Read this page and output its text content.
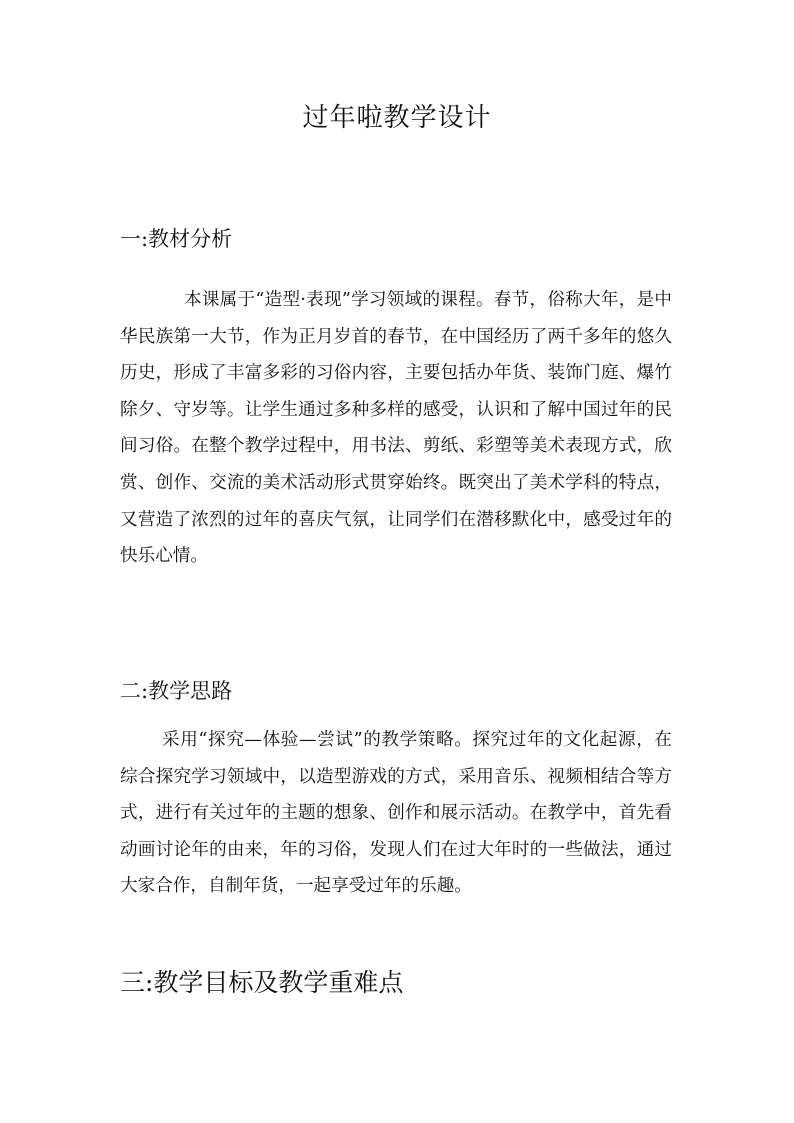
过年啦教学设计
一:教材分析

本课属于“造型·表现”学习领域的课程。春节，俗称大年，是中华民族第一大节，作为正月岁首的春节，在中国经历了两千多年的悠久历史，形成了丰富多彩的习俗内容，主要包括办年货、装饰门庭、爆竹除夕、守岁等。让学生通过多种多样的感受，认识和了解中国过年的民间习俗。在整个教学过程中，用书法、剪纸、彩塑等美术表现方式，欣赏、创作、交流的美术活动形式贯穿始终。既突出了美术学科的特点，又营造了浓烈的过年的喜庆气氛，让同学们在潜移默化中，感受过年的快乐心情。

二:教学思路

采用“探究—体验—尝试”的教学策略。探究过年的文化起源，在综合探究学习领域中，以造型游戏的方式，采用音乐、视频相结合等方式，进行有关过年的主题的想象、创作和展示活动。在教学中，首先看动画讨论年的由来，年的习俗，发现人们在过大年时的一些做法，通过大家合作，自制年货，一起享受过年的乐趣。

三:教学目标及教学重难点
